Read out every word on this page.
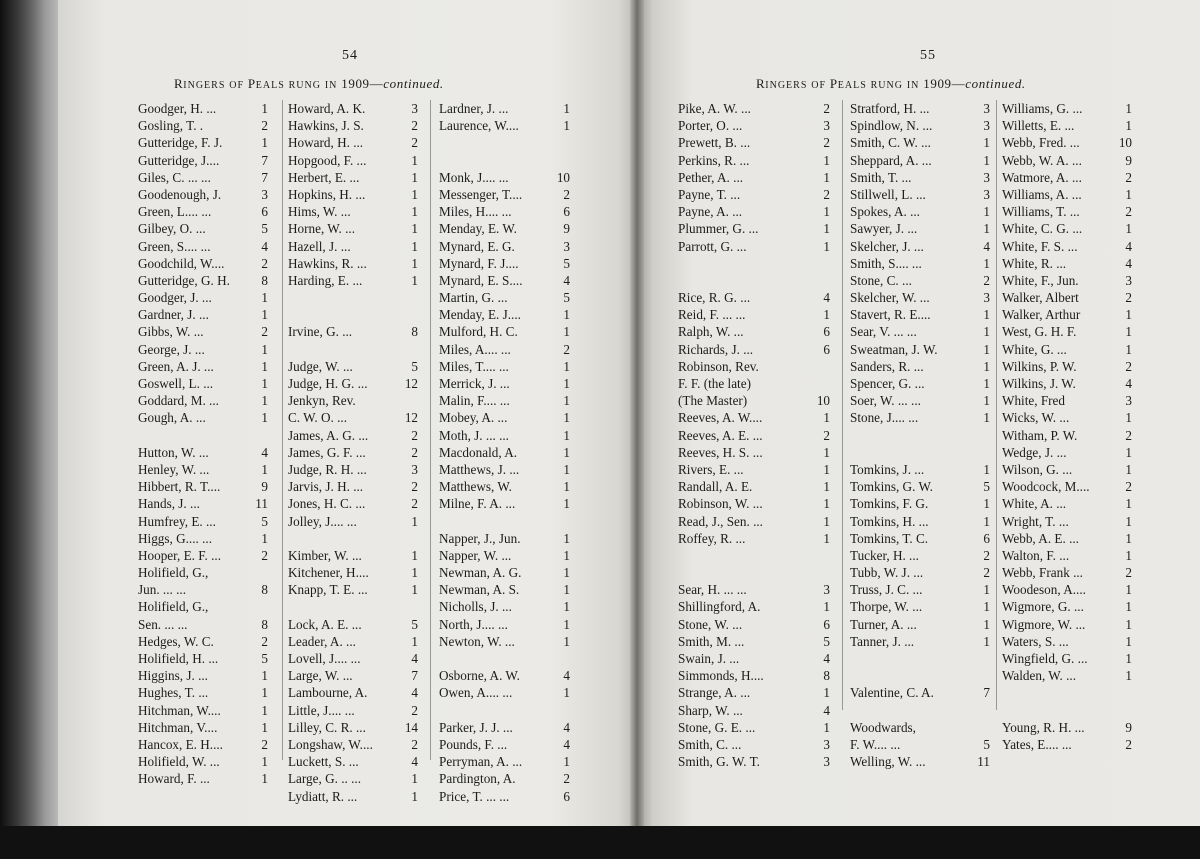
54
RINGERS OF PEALS RUNG IN 1909—continued.
Goodger, H. ...	1
Gosling, T. .	2
Gutteridge, F. J.	1
Gutteridge, J....	7
Giles, C. ... ...	7
Goodenough, J.	3
Green, L.... ...	6
Gilbey, O. ...	5
Green, S.... ...	4
Goodchild, W....	2
Gutteridge, G. H.	8
Goodger, J. ...	1
Gardner, J. ...	1
Gibbs, W. ...	2
George, J. ...	1
Green, A. J. ...	1
Goswell, L. ...	1
Goddard, M. ...	1
Gough, A. ...	1
Hutton, W. ...	4
Henley, W. ...	1
Hibbert, R. T....	9
Hands, J. ...	11
Humfrey, E. ...	5
Higgs, G.... ...	1
Hooper, E. F. ...	2
Holifield, G.,
Jun. ... ...	8
Holifield, G.,
Sen. ... ...	8
Hedges, W. C.	2
Holifield, H. ...	5
Higgins, J. ...	1
Hughes, T. ...	1
Hitchman, W....	1
Hitchman, V....	1
Hancox, E. H....	2
Holifield, W. ...	1
Howard, F. ...	1
Howard, A. K.	3
Hawkins, J. S.	2
Howard, H. ...	2
Hopgood, F. ...	1
Herbert, E. ...	1
Hopkins, H. ...	1
Hims, W. ...	1
Horne, W. ...	1
Hazell, J. ...	1
Hawkins, R. ...	1
Harding, E. ...	1
Irvine, G. ...	8
Judge, W. ...	5
Judge, H. G. ...	12
Jenkyn, Rev.
C. W. O. ...	12
James, A. G. ...	2
James, G. F. ...	2
Judge, R. H. ...	3
Jarvis, J. H. ...	2
Jones, H. C. ...	2
Jolley, J.... ...	1
Kimber, W. ...	1
Kitchener, H....	1
Knapp, T. E. ...	1
Lock, A. E. ...	5
Leader, A. ...	1
Lovell, J.... ...	4
Large, W. ...	7
Lambourne, A.	4
Little, J.... ...	2
Lilley, C. R. ...	14
Longshaw, W....	2
Luckett, S. ...	4
Large, G. .. ...	1
Lydiatt, R. ...	1
Lardner, J. ...	1
Laurence, W....	1
Monk, J.... ...	10
Messenger, T....	2
Miles, H.... ...	6
Menday, E. W.	9
Mynard, E. G.	3
Mynard, F. J....	5
Mynard, E. S....	4
Martin, G. ...	5
Menday, E. J....	1
Mulford, H. C.	1
Miles, A.... ...	2
Miles, T.... ...	1
Merrick, J. ...	1
Malin, F.... ...	1
Mobey, A. ...	1
Moth, J. ... ...	1
Macdonald, A.	1
Matthews, J. ...	1
Matthews, W.	1
Milne, F. A. ...	1
Napper, J., Jun.	1
Napper, W. ...	1
Newman, A. G.	1
Newman, A. S.	1
Nicholls, J. ...	1
North, J.... ...	1
Newton, W. ...	1
Osborne, A. W.	4
Owen, A.... ...	1
Parker, J. J. ...	4
Pounds, F. ...	4
Perryman, A. ...	1
Pardington, A.	2
Price, T. ... ...	6
55
RINGERS OF PEALS RUNG IN 1909—continued.
Pike, A. W. ...	2
Porter, O. ...	3
Prewett, B. ...	2
Perkins, R. ...	1
Pether, A. ...	1
Payne, T. ...	2
Payne, A. ...	1
Plummer, G. ...	1
Parrott, G. ...	1
Rice, R. G. ...	4
Reid, F. ... ...	1
Ralph, W. ...	6
Richards, J. ...	6
Robinson, Rev.
F. F. (the late)
(The Master)	10
Reeves, A. W....	1
Reeves, A. E. ...	2
Reeves, H. S. ...	1
Rivers, E. ...	1
Randall, A. E.	1
Robinson, W. ...	1
Read, J., Sen. ...	1
Roffey, R. ...	1
Sear, H. ... ...	3
Shillingford, A.	1
Stone, W. ...	6
Smith, M. ...	5
Swain, J. ...	4
Simmonds, H....	8
Strange, A. ...	1
Sharp, W. ...	4
Stone, G. E. ...	1
Smith, C. ...	3
Smith, G. W. T.	3
Stratford, H. ...	3
Spindlow, N. ...	3
Smith, C. W. ...	1
Sheppard, A. ...	1
Smith, T. ...	3
Stillwell, L. ...	3
Spokes, A. ...	1
Sawyer, J. ...	1
Skelcher, J. ...	4
Smith, S.... ...	1
Stone, C. ...	2
Skelcher, W. ...	3
Stavert, R. E....	1
Sear, V. ... ...	1
Sweatman, J. W.	1
Sanders, R. ...	1
Spencer, G. ...	1
Soer, W. ... ...	1
Stone, J.... ...	1
Tomkins, J. ...	1
Tomkins, G. W.	5
Tomkins, F. G.	1
Tomkins, H. ...	1
Tomkins, T. C.	6
Tucker, H. ...	2
Tubb, W. J. ...	2
Truss, J. C. ...	1
Thorpe, W. ...	1
Turner, A. ...	1
Tanner, J. ...	1
Valentine, C. A.	7
Woodwards,
F. W.... ...	5
Welling, W. ...	11
Williams, G. ...	1
Willetts, E. ...	1
Webb, Fred. ...	10
Webb, W. A. ...	9
Watmore, A. ...	2
Williams, A. ...	1
Williams, T. ...	2
White, C. G. ...	1
White, F. S. ...	4
White, R. ...	4
White, F., Jun.	3
Walker, Albert	2
Walker, Arthur	1
West, G. H. F.	1
White, G. ...	1
Wilkins, P. W.	2
Wilkins, J. W.	4
White, Fred	3
Wicks, W. ...	1
Witham, P. W.	2
Wedge, J. ...	1
Wilson, G. ...	1
Woodcock, M....	2
White, A. ...	1
Wright, T. ...	1
Webb, A. E. ...	1
Walton, F. ...	1
Webb, Frank ...	2
Woodeson, A....	1
Wigmore, G. ...	1
Wigmore, W. ...	1
Waters, S. ...	1
Wingfield, G. ...	1
Walden, W. ...	1
Young, R. H. ...	9
Yates, E.... ...	2
